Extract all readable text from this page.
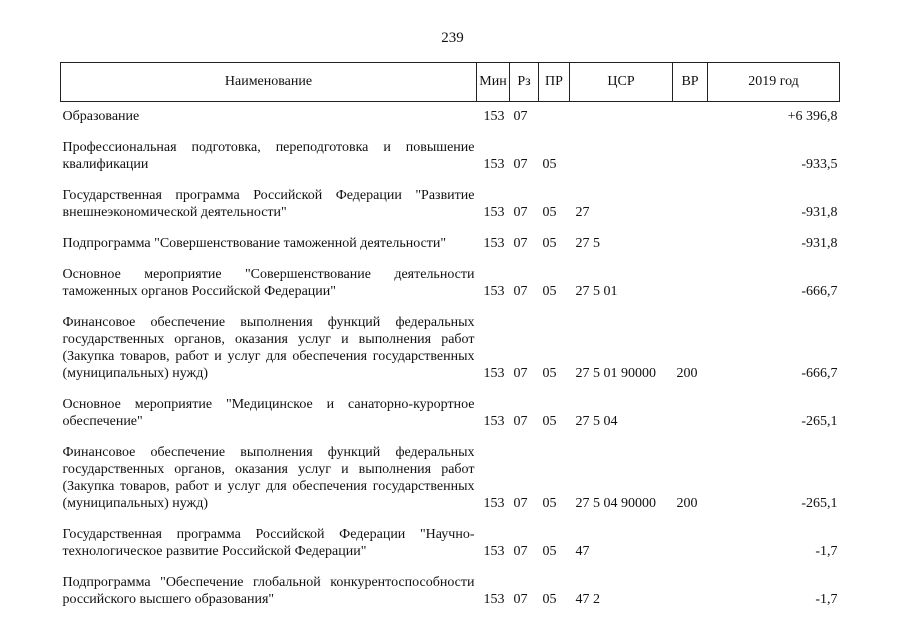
239
Наименование	Мин	Рз	ПР	ЦСР	ВР	2019 год
Образование	153	07				+6 396,8
Профессиональная подготовка, переподготовка и повышение квалификации	153	07	05			-933,5
Государственная программа Российской Федерации "Развитие внешнеэкономической деятельности"	153	07	05	27		-931,8
Подпрограмма "Совершенствование таможенной деятельности"	153	07	05	27 5		-931,8
Основное мероприятие "Совершенствование деятельности таможенных органов Российской Федерации"	153	07	05	27 5 01		-666,7
Финансовое обеспечение выполнения функций федеральных государственных органов, оказания услуг и выполнения работ (Закупка товаров, работ и услуг для обеспечения государственных (муниципальных) нужд)	153	07	05	27 5 01 90000	200	-666,7
Основное мероприятие "Медицинское и санаторно-курортное обеспечение"	153	07	05	27 5 04		-265,1
Финансовое обеспечение выполнения функций федеральных государственных органов, оказания услуг и выполнения работ (Закупка товаров, работ и услуг для обеспечения государственных (муниципальных) нужд)	153	07	05	27 5 04 90000	200	-265,1
Государственная программа Российской Федерации "Научно-технологическое развитие Российской Федерации"	153	07	05	47		-1,7
Подпрограмма "Обеспечение глобальной конкурентоспособности российского высшего образования"	153	07	05	47 2		-1,7
